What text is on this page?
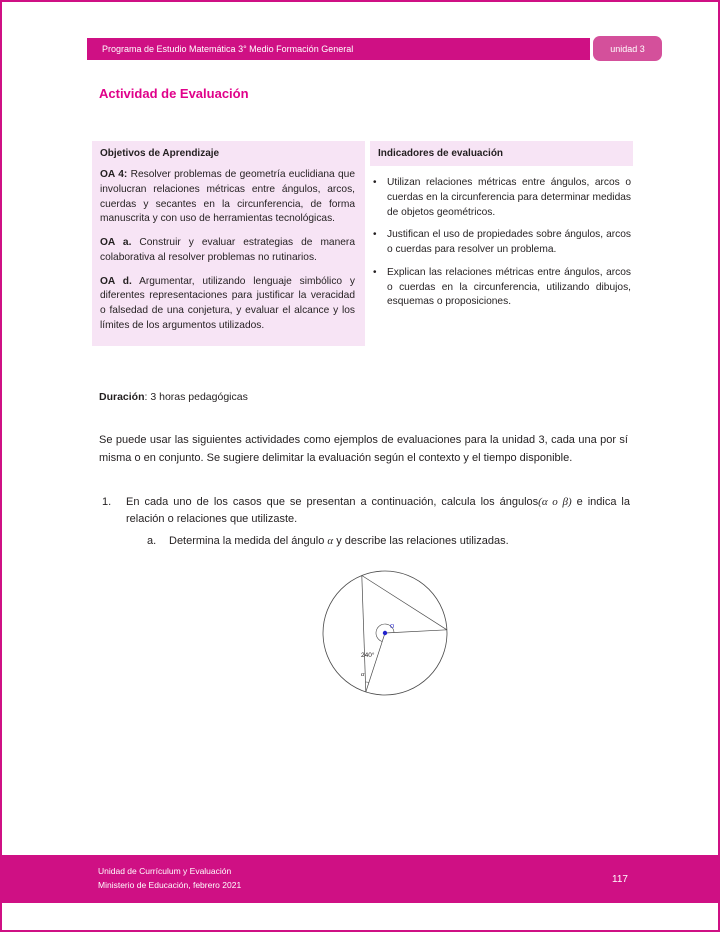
Programa de Estudio Matemática 3° Medio Formación General	unidad 3
Actividad de Evaluación
Objetivos de Aprendizaje

OA 4: Resolver problemas de geometría euclidiana que involucran relaciones métricas entre ángulos, arcos, cuerdas y secantes en la circunferencia, de forma manuscrita y con uso de herramientas tecnológicas.

OA a. Construir y evaluar estrategias de manera colaborativa al resolver problemas no rutinarios.

OA d. Argumentar, utilizando lenguaje simbólico y diferentes representaciones para justificar la veracidad o falsedad de una conjetura, y evaluar el alcance y los límites de los argumentos utilizados.

Indicadores de evaluación
•	Utilizan relaciones métricas entre ángulos, arcos o cuerdas en la circunferencia para determinar medidas de objetos geométricos.
•	Justifican el uso de propiedades sobre ángulos, arcos o cuerdas para resolver un problema.
•	Explican las relaciones métricas entre ángulos, arcos o cuerdas en la circunferencia, utilizando dibujos, esquemas o proposiciones.

Duración: 3 horas pedagógicas

Se puede usar las siguientes actividades como ejemplos de evaluaciones para la unidad 3, cada una por sí misma o en conjunto. Se sugiere delimitar la evaluación según el contexto y el tiempo disponible.

1.	En cada uno de los casos que se presentan a continuación, calcula los ángulos(α o β) e indica la relación o relaciones que utilizaste.
a.	Determina la medida del ángulo α y describe las relaciones utilizadas.
O
240°
α
Unidad de Currículum y Evaluación
Ministerio de Educación, febrero 2021
117
